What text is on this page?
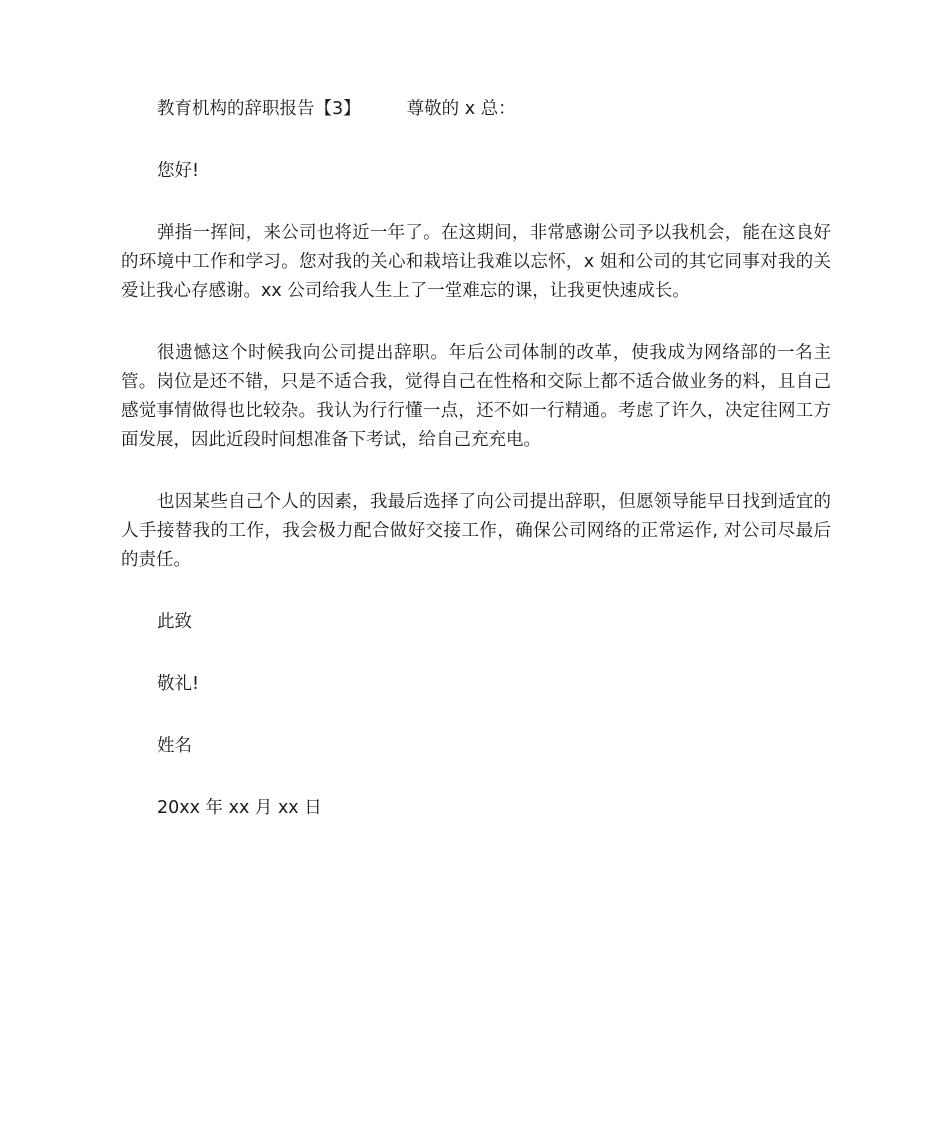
教育机构的辞职报告【3】	尊敬的 x 总：

您好!

弹指一挥间，来公司也将近一年了。在这期间，非常感谢公司予以我机会，能在这良好的环境中工作和学习。您对我的关心和栽培让我难以忘怀，x 姐和公司的其它同事对我的关爱让我心存感谢。xx 公司给我人生上了一堂难忘的课，让我更快速成长。

很遗憾这个时候我向公司提出辞职。年后公司体制的改革，使我成为网络部的一名主管。岗位是还不错，只是不适合我，觉得自己在性格和交际上都不适合做业务的料，且自己感觉事情做得也比较杂。我认为行行懂一点，还不如一行精通。考虑了许久，决定往网工方面发展，因此近段时间想准备下考试，给自己充充电。

也因某些自己个人的因素，我最后选择了向公司提出辞职，但愿领导能早日找到适宜的人手接替我的工作，我会极力配合做好交接工作，确保公司网络的正常运作, 对公司尽最后的责任。

此致

敬礼!

姓名

20xx 年 xx 月 xx 日
